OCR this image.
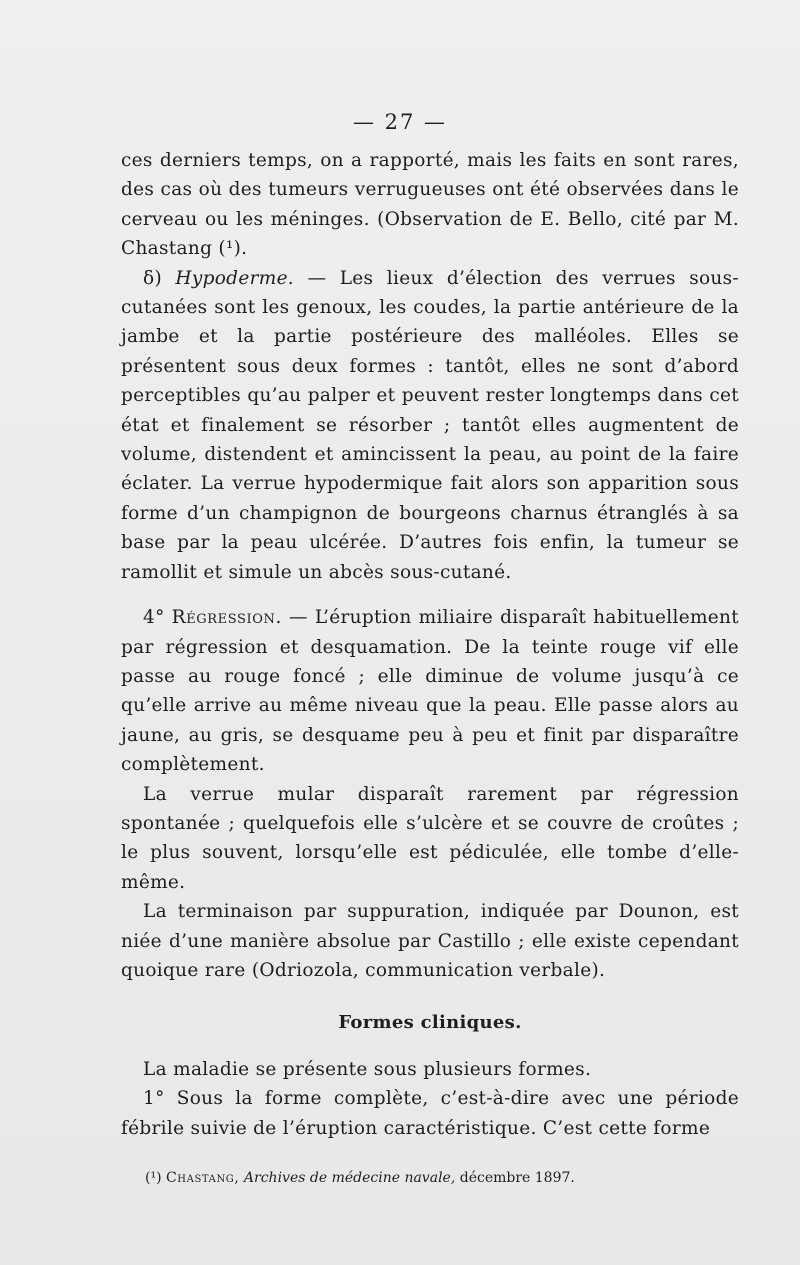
— 27 —

ces derniers temps, on a rapporté, mais les faits en sont rares, des cas où des tumeurs verrugueuses ont été observées dans le cerveau ou les méninges. (Observation de E. Bello, cité par M. Chastang (¹).

δ) Hypoderme. — Les lieux d’élection des verrues sous-cutanées sont les genoux, les coudes, la partie antérieure de la jambe et la partie postérieure des malléoles. Elles se présentent sous deux formes : tantôt, elles ne sont d’abord perceptibles qu’au palper et peuvent rester longtemps dans cet état et finalement se résorber ; tantôt elles augmentent de volume, distendent et amincissent la peau, au point de la faire éclater. La verrue hypodermique fait alors son apparition sous forme d’un champignon de bourgeons charnus étranglés à sa base par la peau ulcérée. D’autres fois enfin, la tumeur se ramollit et simule un abcès sous-cutané.

4° Régression. — L’éruption miliaire disparaît habituellement par régression et desquamation. De la teinte rouge vif elle passe au rouge foncé ; elle diminue de volume jusqu’à ce qu’elle arrive au même niveau que la peau. Elle passe alors au jaune, au gris, se desquame peu à peu et finit par disparaître complètement.

La verrue mular disparaît rarement par régression spontanée ; quelquefois elle s’ulcère et se couvre de croûtes ; le plus souvent, lorsqu’elle est pédiculée, elle tombe d’elle-même.

La terminaison par suppuration, indiquée par Dounon, est niée d’une manière absolue par Castillo ; elle existe cependant quoique rare (Odriozola, communication verbale).

Formes cliniques.

La maladie se présente sous plusieurs formes.

1° Sous la forme complète, c’est-à-dire avec une période fébrile suivie de l’éruption caractéristique. C’est cette forme

(¹) Chastang, Archives de médecine navale, décembre 1897.
